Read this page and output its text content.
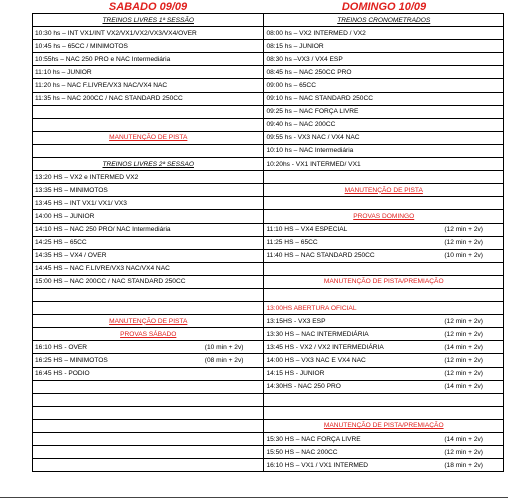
SABADO 09/09	DOMINGO 10/09
TREINOS LIVRES 1ª SESSÃO	TREINOS CRONOMETRADOS
10:30 hs – INT VX1/INT VX2/VX1/VX2/VX3/VX4/OVER	08:00 hs – VX2 INTERMED / VX2
10:45 hs – 65CC / MINIMOTOS	08:15 hs – JUNIOR
10:55hs – NAC 250 PRO e NAC Intermediária	08:30 hs –VX3 / VX4 ESP
11:10 hs – JUNIOR	08:45 hs – NAC 250CC PRO
11:20 hs – NAC F.LIVRE/VX3 NAC/VX4 NAC	09:00 hs – 65CC
11:35 hs – NAC 200CC / NAC STANDARD 250CC	09:10 hs – NAC STANDARD 250CC
	09:25 hs – NAC FORÇA LIVRE
	09:40 hs – NAC 200CC
MANUTENÇÃO DE PISTA	09:55 hs - VX3 NAC / VX4 NAC
	10:10 hs – NAC Intermediária
TREINOS LIVRES 2ª SESSAO	10:20hs - VX1 INTERMED/ VX1
13:20 HS – VX2 e INTERMED VX2	
13:35 HS – MINIMOTOS	MANUTENÇÃO DE PISTA
13:45 HS – INT VX1/ VX1/ VX3	
14:00 HS – JUNIOR	PROVAS DOMINGO
14:10 HS – NAC 250 PRO/ NAC Intermediária	11:10 HS – VX4 ESPECIAL (12 min + 2v)

14:25 HS – 65CC	11:25 HS – 65CC (12 min + 2v)

14:35 HS – VX4 / OVER	11:40 HS – NAC STANDARD 250CC (10 min + 2v)

14:45 HS – NAC F.LIVRE/VX3 NAC/VX4 NAC	
15:00 HS – NAC 200CC / NAC STANDARD 250CC	MANUTENÇÃO DE PISTA/PREMIAÇÃO

	13:00HS ABERTURA OFICIAL
MANUTENÇÃO DE PISTA	13:15HS - VX3 ESP (12 min + 2v)

PROVAS SÁBADO	13:30 HS – NAC INTERMEDIÁRIA (12 min + 2v)

16:10 HS - OVER (10 min + 2v)	13:45 HS - VX2 / VX2 INTERMEDIÁRIA (14 min + 2v)

16:25 HS – MINIMOTOS (08 min + 2v)	14:00 HS – VX3 NAC E VX4 NAC (12 min + 2v)

16:45 HS - PODIO	14:15 HS - JUNIOR (12 min + 2v)

	14:30HS - NAC 250 PRO (14 min + 2v)

	MANUTENÇÃO DE PISTA/PREMIAÇÃO

	15:30 HS – NAC FORÇA LIVRE (14 min + 2v)

	15:50 HS – NAC 200CC (12 min + 2v)

	16:10 HS – VX1 / VX1 INTERMED (18 min + 2v)
